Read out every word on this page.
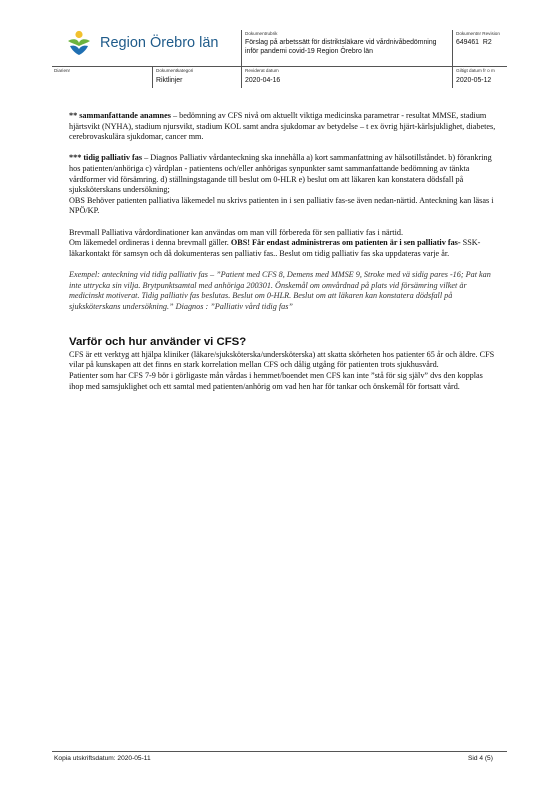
Region Örebro län
Dokumentrubrik
Förslag på arbetssätt för distriktsläkare vid vårdnivåbedömning inför pandemi covid-19 Region Örebro län
Dokumentnr Revision
649461 R2
Diarienr	Dokumentkategori
Riktlinjer
Reviderat datum
2020-04-16
Giltigt datum fr o m
2020-05-12

** sammanfattande anamnes – bedömning av CFS nivå om aktuellt viktiga medicinska parametrar - resultat MMSE, stadium hjärtsvikt (NYHA), stadium njursvikt, stadium KOL samt andra sjukdomar av betydelse – t ex övrig hjärt-kärlsjuklighet, diabetes, cerebrovaskulära sjukdomar, cancer mm.

*** tidig palliativ fas – Diagnos Palliativ vårdanteckning ska innehålla a) kort sammanfattning av hälsotillståndet. b) förankring hos patienten/anhöriga c) vårdplan - patientens och/eller anhörigas synpunkter samt sammanfattande bedömning av tänkta vårdformer vid försämring. d) ställningstagande till beslut om 0-HLR e) beslut om att läkaren kan konstatera dödsfall på sjuksköterskans undersökning;
OBS Behöver patienten palliativa läkemedel nu skrivs patienten in i sen palliativ fas-se även nedan-närtid. Anteckning kan läsas i NPÖ/KP.

Brevmall Palliativa vårdordinationer kan användas om man vill förbereda för sen palliativ fas i närtid.
Om läkemedel ordineras i denna brevmall gäller. OBS! Får endast administreras om patienten är i sen palliativ fas- SSK-läkarkontakt för samsyn och då dokumenteras sen palliativ fas.. Beslut om tidig palliativ fas ska uppdateras varje år.

Exempel: anteckning vid tidig palliativ fas – ”Patient med CFS 8, Demens med MMSE 9, Stroke med vä sidig pares -16; Pat kan inte uttrycka sin vilja. Brytpunktsamtal med anhöriga 200301. Önskemål om omvårdnad på plats vid försämring vilket är medicinskt motiverat. Tidig palliativ fas beslutas. Beslut om 0-HLR. Beslut om att läkaren kan konstatera dödsfall på sjuksköterskans undersökning.” Diagnos : ”Palliativ vård tidig fas”

Varför och hur använder vi CFS?

CFS är ett verktyg att hjälpa kliniker (läkare/sjuksköterska/undersköterska) att skatta skörheten hos patienter 65 år och äldre. CFS vilar på kunskapen att det finns en stark korrelation mellan CFS och dålig utgång för patienten trots sjukhusvård.

Patienter som har CFS 7-9 bör i görligaste mån vårdas i hemmet/boendet men CFS kan inte ”stå för sig själv” dvs den kopplas ihop med samsjuklighet och ett samtal med patienten/anhörig om vad hen har för tankar och önskemål för fortsatt vård.

Kopia utskriftsdatum: 2020-05-11	Sid 4 (5)
